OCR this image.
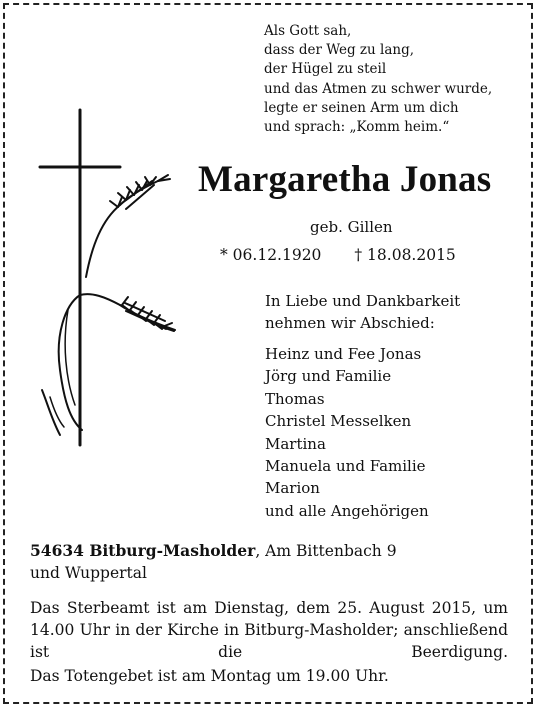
Als Gott sah,
dass der Weg zu lang,
der Hügel zu steil
und das Atmen zu schwer wurde,
legte er seinen Arm um dich
und sprach: „Komm heim.“
Margaretha Jonas
geb. Gillen
* 06.12.1920 † 18.08.2015
In Liebe und Dankbarkeit
nehmen wir Abschied:
Heinz und Fee Jonas
Jörg und Familie
Thomas
Christel Messelken
Martina
Manuela und Familie
Marion
und alle Angehörigen
54634 Bitburg-Masholder, Am Bittenbach 9
und Wuppertal

Das Sterbeamt ist am Dienstag, dem 25. August 2015, um 14.00 Uhr in der Kirche in Bitburg-Masholder; anschließend ist die Beerdigung.

Das Totengebet ist am Montag um 19.00 Uhr.
